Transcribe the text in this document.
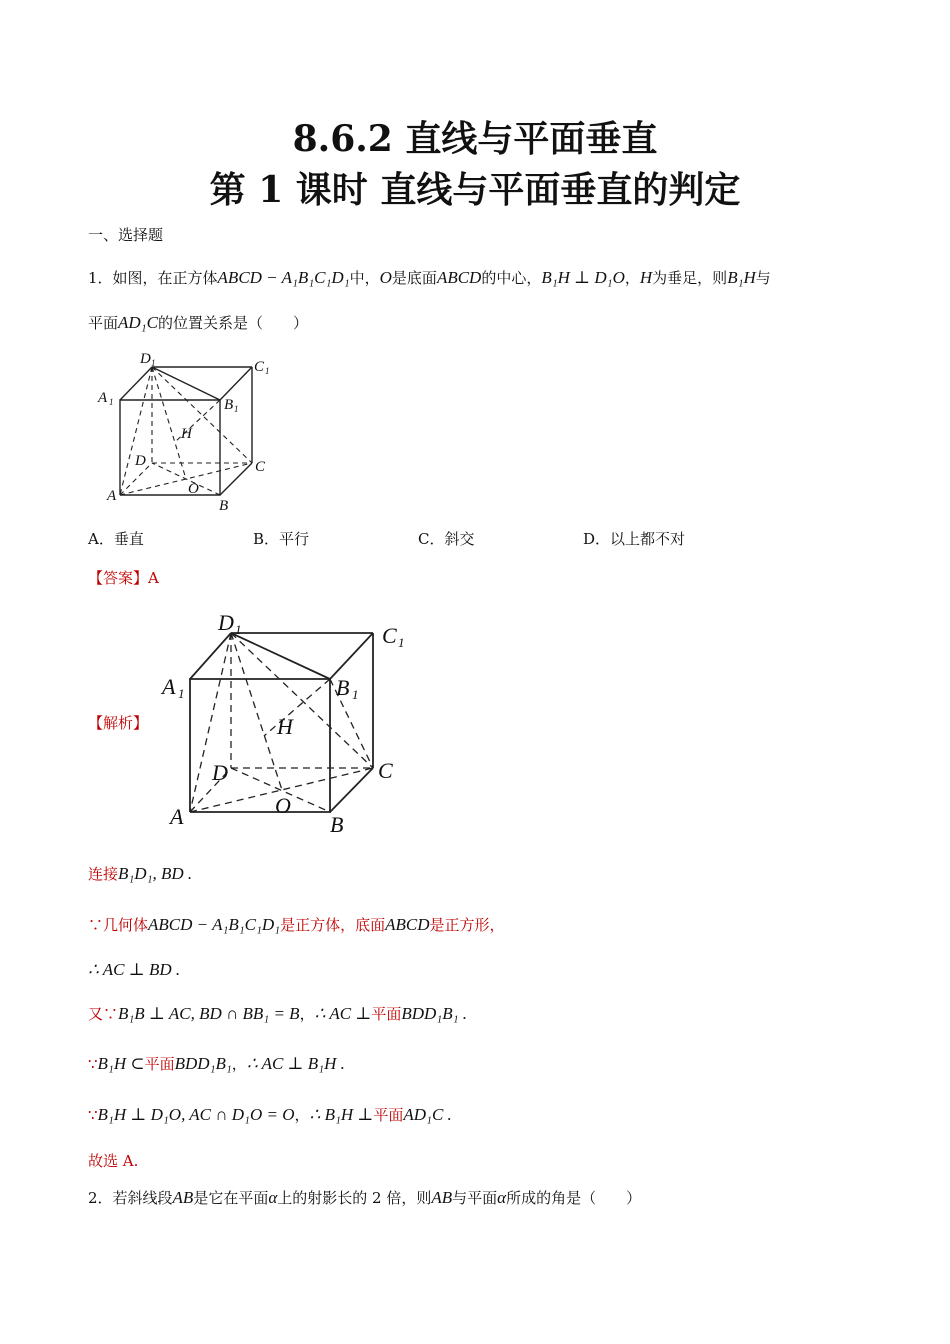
8.6.2 直线与平面垂直
第 1 课时 直线与平面垂直的判定
一、选择题
1．如图，在正方体ABCD − A₁B₁C₁D₁中，O是底面ABCD的中心，B₁H ⊥ D₁O，H为垂足，则B₁H与
平面AD₁C的位置关系是（　　）
A
B
C
D
A	B
C
D
H
O
1
1
1
1
A．垂直	B．平行	C．斜交	D．以上都不对
【答案】A
【解析】
A	B
C
D
A	B
C
D
H
O
1	1
1
1
连接B₁D₁, BD .
∵几何体ABCD − A₁B₁C₁D₁是正方体，底面ABCD是正方形，
∴ AC ⊥ BD .
又∵B₁B ⊥ AC, BD ∩ BB₁ = B，∴ AC ⊥平面BDD₁B₁ .
∵B₁H ⊂平面BDD₁B₁，∴ AC ⊥ B₁H .
∵B₁H ⊥ D₁O, AC ∩ D₁O = O，∴ B₁H ⊥平面AD₁C .
故选 A.
2．若斜线段AB是它在平面α上的射影长的 2 倍，则AB与平面α所成的角是（　　）
